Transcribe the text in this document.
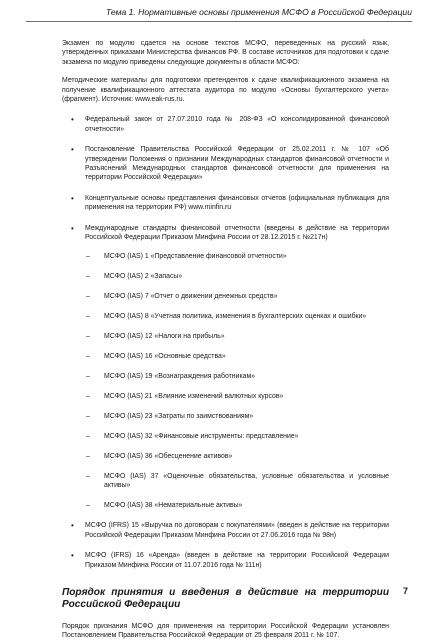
Тема 1. Нормативные основы применения МСФО в Российской Федерации

Экзамен по модулю сдается на основе текстов МСФО, переведенных на русский язык, утвержденных приказами Министерства финансов РФ. В составе источников для подготовки к сдаче экзамена по модулю приведены следующие документы в области МСФО:

Методические материалы для подготовки претендентов к сдаче квалификационного экзамена на получение квалификационного аттестата аудитора по модулю «Основы бухгалтерского учета» (фрагмент). Источник: www.eak-rus.ru.

• Федеральный закон от 27.07.2010 года № 208-ФЗ «О консолидированной финансовой отчетности»
• Постановление Правительства Российской Федерации от 25.02.2011 г. № 107 «Об утверждении Положения о признании Международных стандартов финансовой отчетности и Разъяснений Международных стандартов финансовой отчетности для применения на территории Российской Федерации»
• Концептуальные основы представления финансовых отчетов (официальная публикация для применения на территории РФ) www.minfin.ru
• Международные стандарты финансовой отчетности (введены в действие на территории Российской Федерации Приказом Минфина России от 28.12.2015 г. №217н)
– МСФО (IAS) 1 «Представление финансовой отчетности»
– МСФО (IAS) 2 «Запасы»
– МСФО (IAS) 7 «Отчет о движении денежных средств»
– МСФО (IAS) 8 «Учетная политика, изменения в бухгалтерских оценках и ошибки»
– МСФО (IAS) 12 «Налоги на прибыль»
– МСФО (IAS) 16 «Основные средства»
– МСФО (IAS) 19 «Вознаграждения работникам»
– МСФО (IAS) 21 «Влияние изменений валютных курсов»
– МСФО (IAS) 23 «Затраты по заимствованиям»
– МСФО (IAS) 32 «Финансовые инструменты: представление»
– МСФО (IAS) 36 «Обесценение активов»
– МСФО (IAS) 37 «Оценочные обязательства, условные обязательства и условные активы»
– МСФО (IAS) 38 «Нематериальные активы»
• МСФО (IFRS) 15 «Выручка по договорам с покупателями» (введен в действие на территории Российской Федерации Приказом Минфина России от 27.06.2016 года № 98н)
• МСФО (IFRS) 16 «Аренда» (введен в действие на территории Российской Федерации Приказом Минфина России от 11.07.2016 года № 111н)
Порядок принятия и введения в действие на территории Российской Федерации

Порядок признания МСФО для применения на территории Российской Федерации установлен Постановлением Правительства Российской Федерации от 25 февраля 2011 г. № 107.

7
